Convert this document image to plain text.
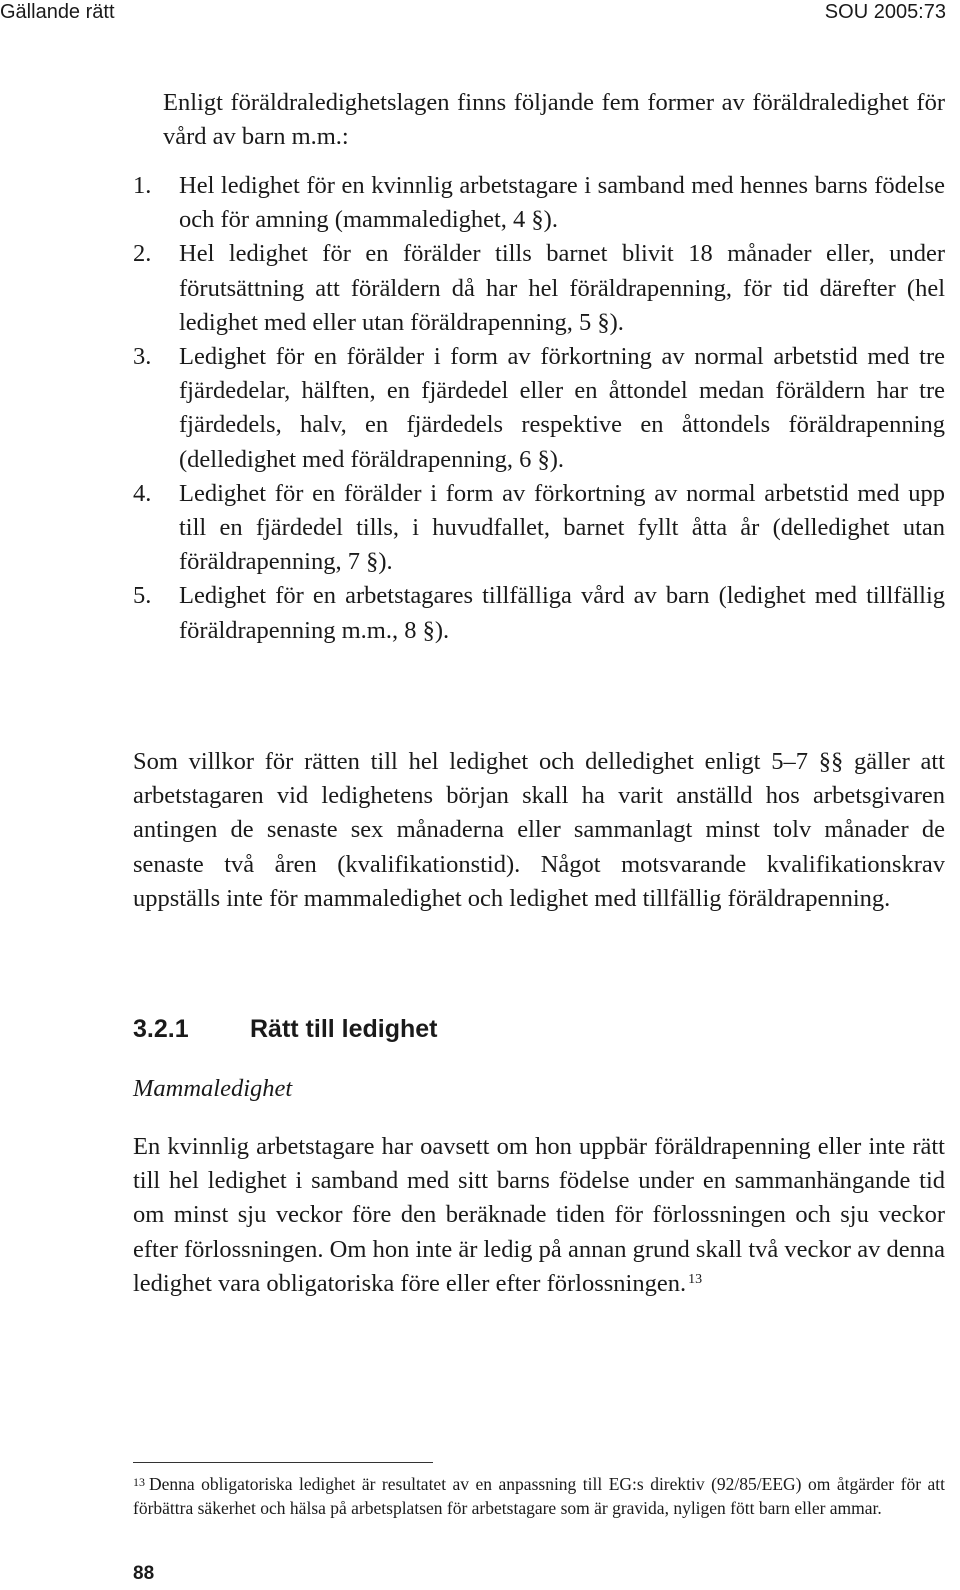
Gällande rätt	SOU 2005:73

Enligt föräldraledighetslagen finns följande fem former av föräldraledighet för vård av barn m.m.:

1. Hel ledighet för en kvinnlig arbetstagare i samband med hennes barns födelse och för amning (mammaledighet, 4 §).
2. Hel ledighet för en förälder tills barnet blivit 18 månader eller, under förutsättning att föräldern då har hel föräldrapenning, för tid därefter (hel ledighet med eller utan föräldrapenning, 5 §).
3. Ledighet för en förälder i form av förkortning av normal arbetstid med tre fjärdedelar, hälften, en fjärdedel eller en åttondel medan föräldern har tre fjärdedels, halv, en fjärdedels respektive en åttondels föräldrapenning (delledighet med föräldrapenning, 6 §).
4. Ledighet för en förälder i form av förkortning av normal arbetstid med upp till en fjärdedel tills, i huvudfallet, barnet fyllt åtta år (delledighet utan föräldrapenning, 7 §).
5. Ledighet för en arbetstagares tillfälliga vård av barn (ledighet med tillfällig föräldrapenning m.m., 8 §).

Som villkor för rätten till hel ledighet och delledighet enligt 5–7 §§ gäller att arbetstagaren vid ledighetens början skall ha varit anställd hos arbetsgivaren antingen de senaste sex månaderna eller sammanlagt minst tolv månader de senaste två åren (kvalifikationstid). Något motsvarande kvalifikationskrav uppställs inte för mammaledighet och ledighet med tillfällig föräldrapenning.

3.2.1 Rätt till ledighet
Mammaledighet

En kvinnlig arbetstagare har oavsett om hon uppbär föräldrapenning eller inte rätt till hel ledighet i samband med sitt barns födelse under en sammanhängande tid om minst sju veckor före den beräknade tiden för förlossningen och sju veckor efter förlossningen. Om hon inte är ledig på annan grund skall två veckor av denna ledighet vara obligatoriska före eller efter förlossningen. $^{13}$

$^{13}$ Denna obligatoriska ledighet är resultatet av en anpassning till EG:s direktiv (92/85/EEG) om åtgärder för att förbättra säkerhet och hälsa på arbetsplatsen för arbetstagare som är gravida, nyligen fött barn eller ammar.

88
